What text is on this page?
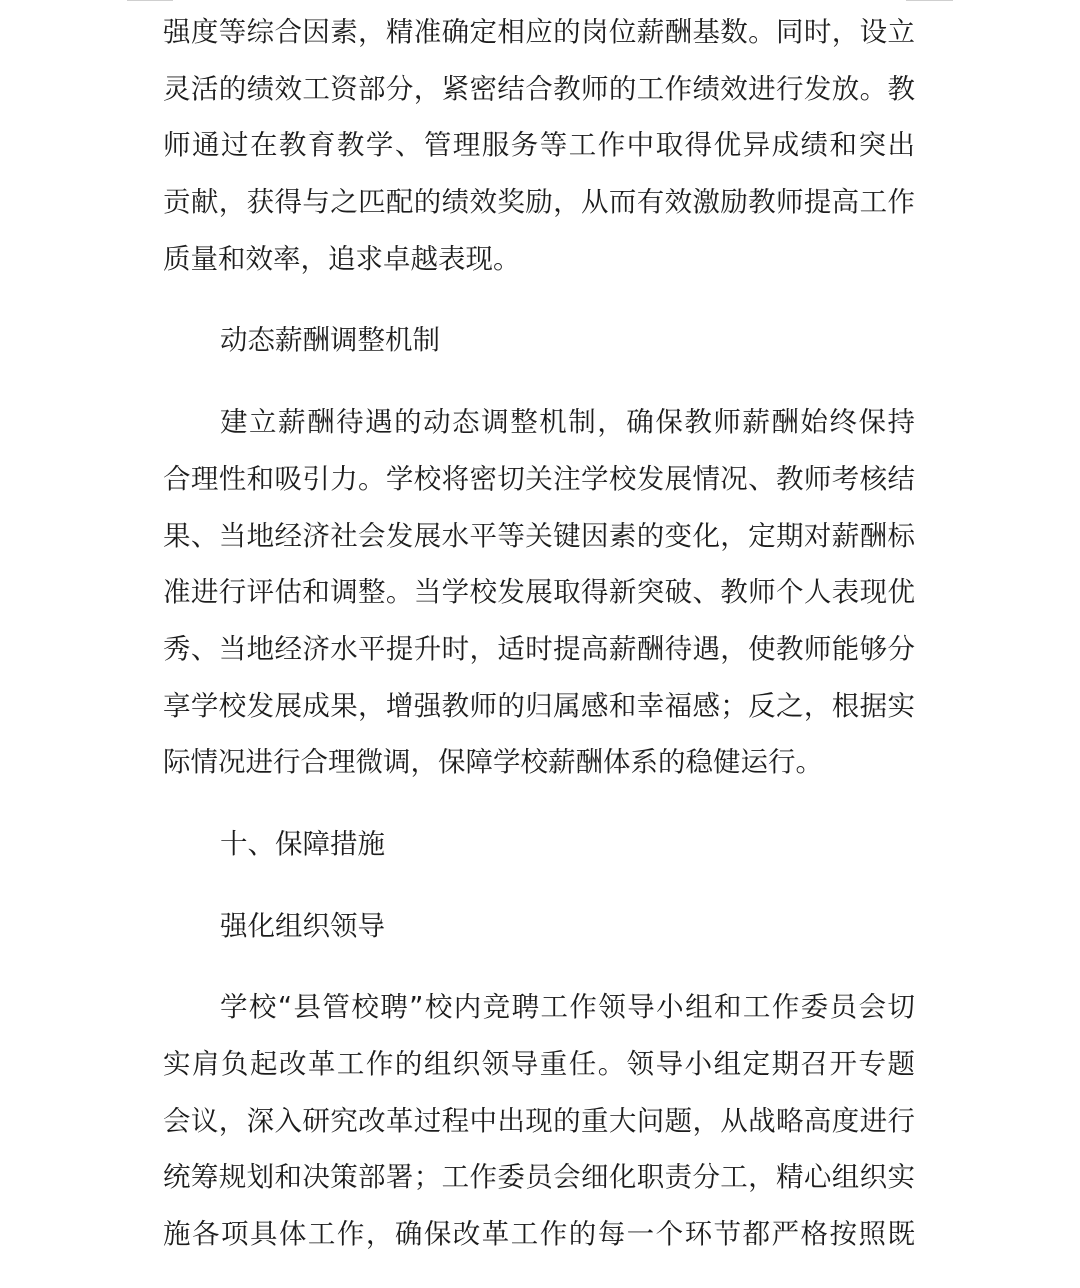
强度等综合因素，精准确定相应的岗位薪酬基数。同时，设立
灵活的绩效工资部分，紧密结合教师的工作绩效进行发放。教
师通过在教育教学、管理服务等工作中取得优异成绩和突出
贡献，获得与之匹配的绩效奖励，从而有效激励教师提高工作
质量和效率，追求卓越表现。
动态薪酬调整机制
建立薪酬待遇的动态调整机制，确保教师薪酬始终保持
合理性和吸引力。学校将密切关注学校发展情况、教师考核结
果、当地经济社会发展水平等关键因素的变化，定期对薪酬标
准进行评估和调整。当学校发展取得新突破、教师个人表现优
秀、当地经济水平提升时，适时提高薪酬待遇，使教师能够分
享学校发展成果，增强教师的归属感和幸福感；反之，根据实
际情况进行合理微调，保障学校薪酬体系的稳健运行。
十、保障措施
强化组织领导
学校“县管校聘”校内竞聘工作领导小组和工作委员会切
实肩负起改革工作的组织领导重任。领导小组定期召开专题
会议，深入研究改革过程中出现的重大问题，从战略高度进行
统筹规划和决策部署；工作委员会细化职责分工，精心组织实
施各项具体工作，确保改革工作的每一个环节都严格按照既
